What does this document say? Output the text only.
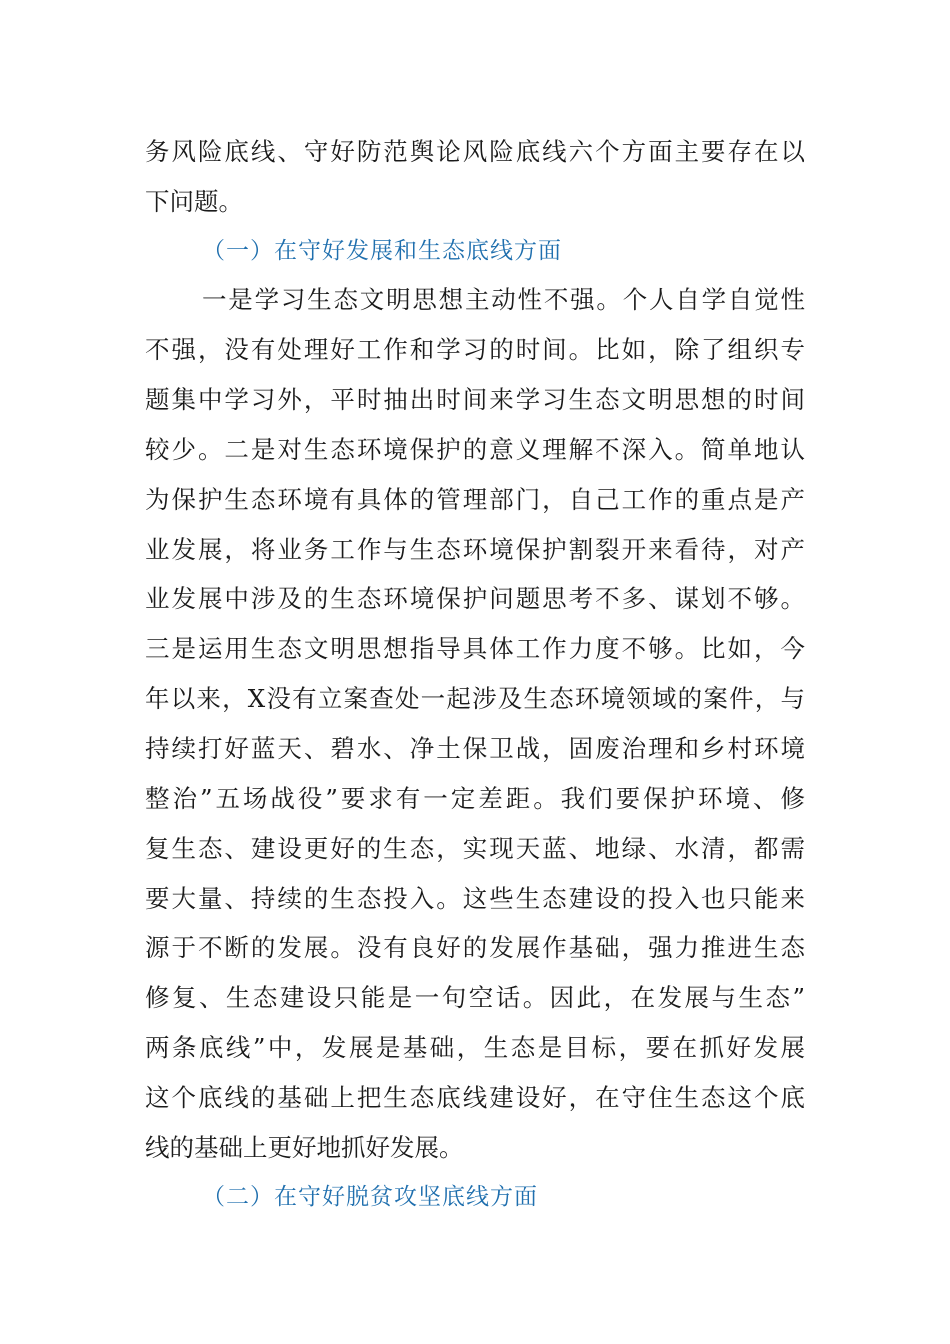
务风险底线、守好防范舆论风险底线六个方面主要存在以
下问题。
（一）在守好发展和生态底线方面
一是学习生态文明思想主动性不强。个人自学自觉性
不强，没有处理好工作和学习的时间。比如，除了组织专
题集中学习外，平时抽出时间来学习生态文明思想的时间
较少。二是对生态环境保护的意义理解不深入。简单地认
为保护生态环境有具体的管理部门，自己工作的重点是产
业发展，将业务工作与生态环境保护割裂开来看待，对产
业发展中涉及的生态环境保护问题思考不多、谋划不够。
三是运用生态文明思想指导具体工作力度不够。比如，今
年以来，X没有立案查处一起涉及生态环境领域的案件，与
持续打好蓝天、碧水、净土保卫战，固废治理和乡村环境
整治”五场战役”要求有一定差距。我们要保护环境、修
复生态、建设更好的生态，实现天蓝、地绿、水清，都需
要大量、持续的生态投入。这些生态建设的投入也只能来
源于不断的发展。没有良好的发展作基础，强力推进生态
修复、生态建设只能是一句空话。因此，在发展与生态”
两条底线”中，发展是基础，生态是目标，要在抓好发展
这个底线的基础上把生态底线建设好，在守住生态这个底
线的基础上更好地抓好发展。
（二）在守好脱贫攻坚底线方面
